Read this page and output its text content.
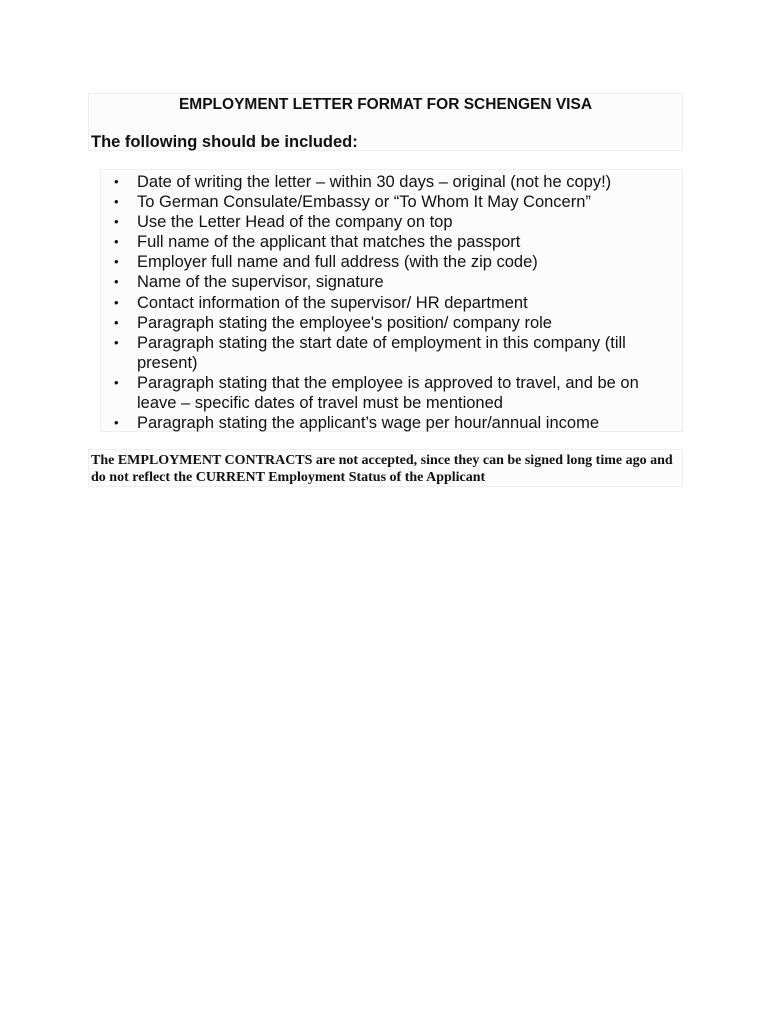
EMPLOYMENT LETTER FORMAT FOR SCHENGEN VISA
The following should be included:
• Date of writing the letter – within 30 days – original (not he copy!)
• To German Consulate/Embassy or “To Whom It May Concern”
• Use the Letter Head of the company on top
• Full name of the applicant that matches the passport
• Employer full name and full address (with the zip code)
• Name of the supervisor, signature
• Contact information of the supervisor/ HR department
• Paragraph stating the employee's position/ company role
• Paragraph stating the start date of employment in this company (till present)
• Paragraph stating that the employee is approved to travel, and be on leave – specific dates of travel must be mentioned
• Paragraph stating the applicant’s wage per hour/annual income
The EMPLOYMENT CONTRACTS are not accepted, since they can be signed long time ago and do not reflect the CURRENT Employment Status of the Applicant
